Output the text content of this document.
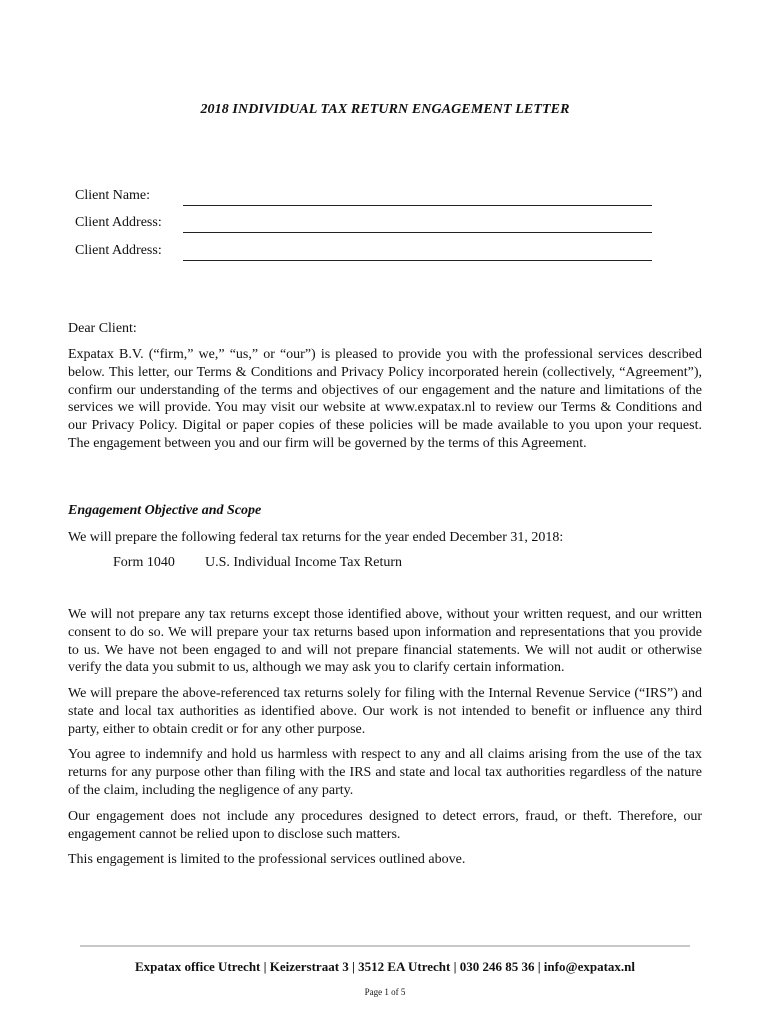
2018 INDIVIDUAL TAX RETURN ENGAGEMENT LETTER
Client Name:
Client Address:
Client Address:
Dear Client:
Expatax B.V. (“firm,” we,” “us,” or “our”) is pleased to provide you with the professional services described below. This letter, our Terms & Conditions and Privacy Policy incorporated herein (collectively, “Agreement”), confirm our understanding of the terms and objectives of our engagement and the nature and limitations of the services we will provide. You may visit our website at www.expatax.nl to review our Terms & Conditions and our Privacy Policy. Digital or paper copies of these policies will be made available to you upon your request. The engagement between you and our firm will be governed by the terms of this Agreement.
Engagement Objective and Scope
We will prepare the following federal tax returns for the year ended December 31, 2018:
Form 1040 U.S. Individual Income Tax Return
We will not prepare any tax returns except those identified above, without your written request, and our written consent to do so. We will prepare your tax returns based upon information and representations that you provide to us. We have not been engaged to and will not prepare financial statements. We will not audit or otherwise verify the data you submit to us, although we may ask you to clarify certain information.
We will prepare the above-referenced tax returns solely for filing with the Internal Revenue Service (“IRS”) and state and local tax authorities as identified above. Our work is not intended to benefit or influence any third party, either to obtain credit or for any other purpose.
You agree to indemnify and hold us harmless with respect to any and all claims arising from the use of the tax returns for any purpose other than filing with the IRS and state and local tax authorities regardless of the nature of the claim, including the negligence of any party.
Our engagement does not include any procedures designed to detect errors, fraud, or theft. Therefore, our engagement cannot be relied upon to disclose such matters.
This engagement is limited to the professional services outlined above.
Expatax office Utrecht | Keizerstraat 3 | 3512 EA Utrecht | 030 246 85 36 | info@expatax.nl
Page 1 of 5
